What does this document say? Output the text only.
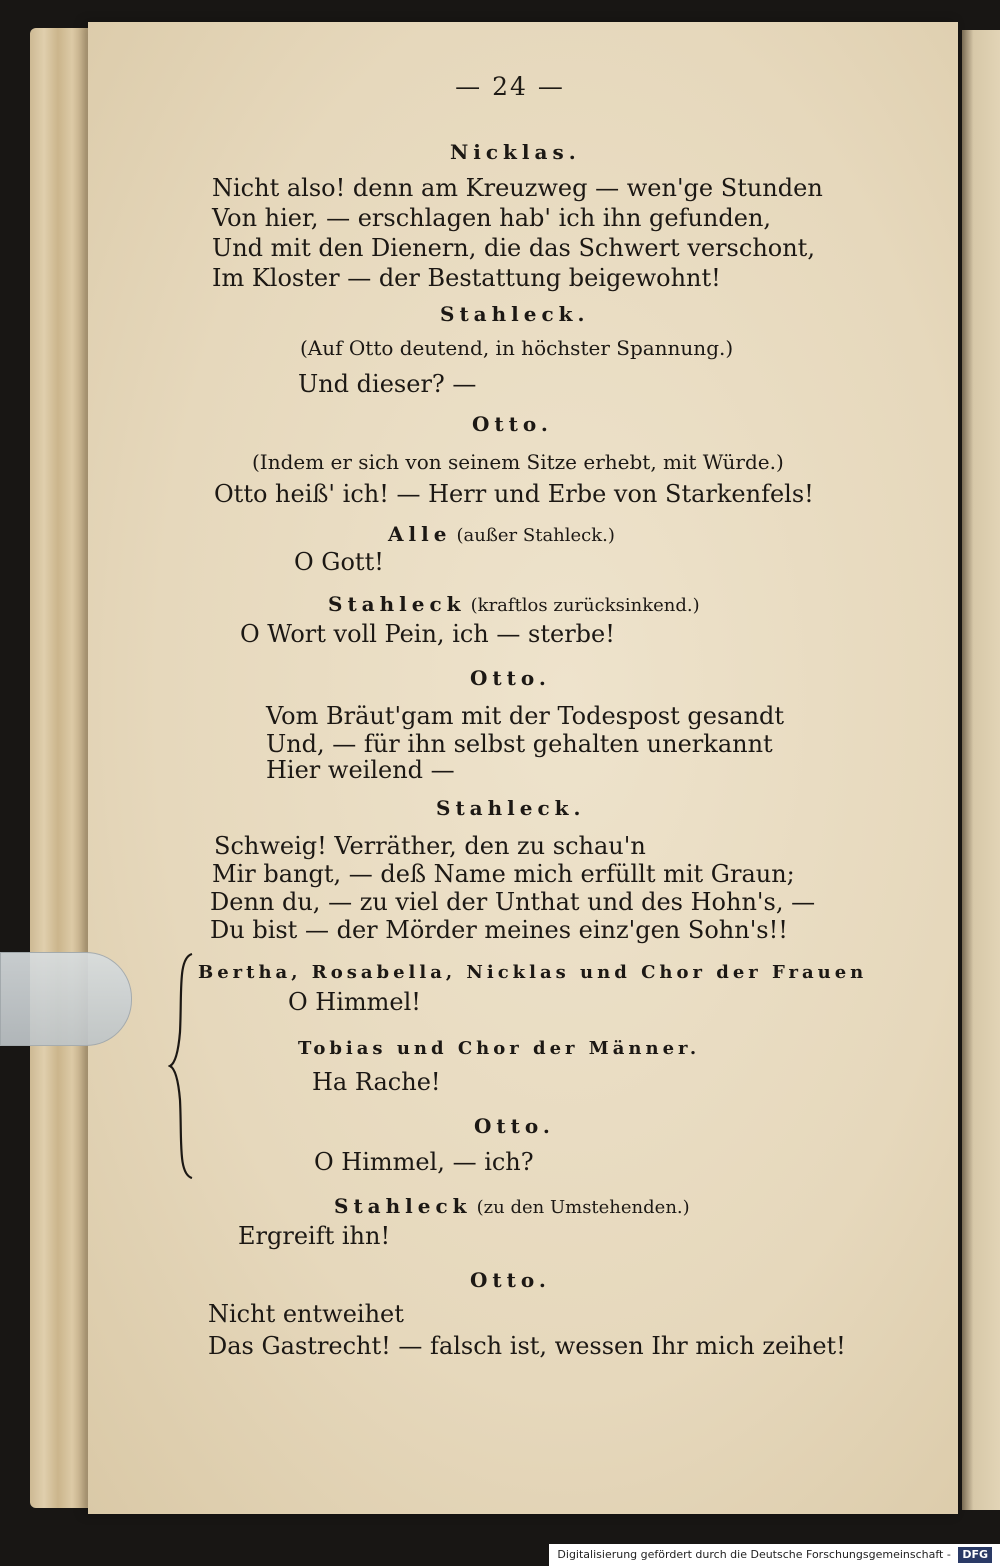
— 24 —
Nicklas.
Nicht also! denn am Kreuzweg — wen'ge Stunden
Von hier, — erschlagen hab' ich ihn gefunden,
Und mit den Dienern, die das Schwert verschont,
Im Kloster — der Bestattung beigewohnt!
Stahleck.
(Auf Otto deutend, in höchster Spannung.)
Und dieser? —
Otto.
(Indem er sich von seinem Sitze erhebt, mit Würde.)
Otto heiß' ich! — Herr und Erbe von Starkenfels!
Alle (außer Stahleck.)
O Gott!
Stahleck (kraftlos zurücksinkend.)
O Wort voll Pein, ich — sterbe!
Otto.
Vom Bräut'gam mit der Todespost gesandt
Und, — für ihn selbst gehalten unerkannt
Hier weilend —
Stahleck.
Schweig! Verräther, den zu schau'n
Mir bangt, — deß Name mich erfüllt mit Graun;
Denn du, — zu viel der Unthat und des Hohn's, —
Du bist — der Mörder meines einz'gen Sohn's!!
Bertha, Rosabella, Nicklas und Chor der Frauen
O Himmel!
Tobias und Chor der Männer.
Ha Rache!
Otto.
O Himmel, — ich?
Stahleck (zu den Umstehenden.)
Ergreift ihn!
Otto.
Nicht entweihet
Das Gastrecht! — falsch ist, wessen Ihr mich zeihet!
Digitalisierung gefördert durch die Deutsche Forschungsgemeinschaft - DFG
